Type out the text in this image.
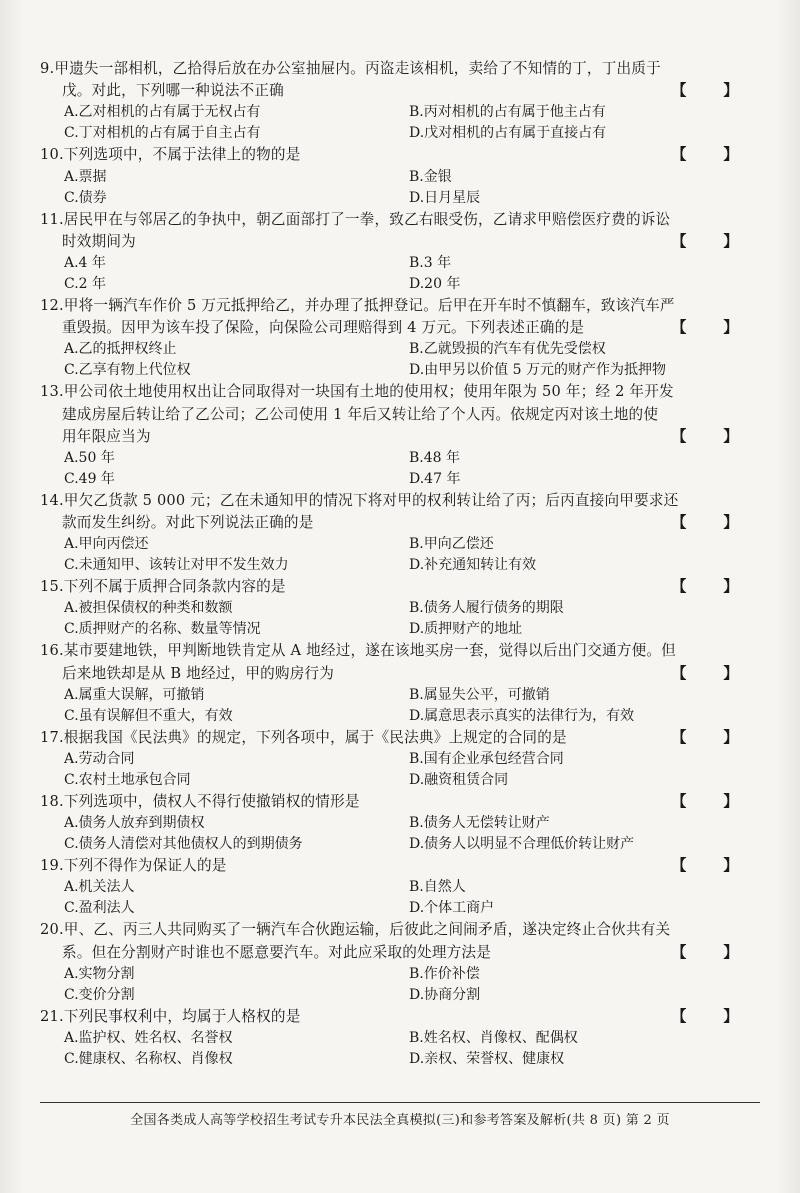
9.甲遗失一部相机，乙拾得后放在办公室抽屉内。丙盗走该相机，卖给了不知情的丁，丁出质于
戊。对此，下列哪一种说法不正确	【 】
A.乙对相机的占有属于无权占有	B.丙对相机的占有属于他主占有
C.丁对相机的占有属于自主占有	D.戊对相机的占有属于直接占有
10.下列选项中，不属于法律上的物的是	【 】
A.票据	B.金银
C.债券	D.日月星辰
11.居民甲在与邻居乙的争执中，朝乙面部打了一拳，致乙右眼受伤，乙请求甲赔偿医疗费的诉讼
时效期间为	【 】
A.4 年	B.3 年
C.2 年	D.20 年
12.甲将一辆汽车作价 5 万元抵押给乙，并办理了抵押登记。后甲在开车时不慎翻车，致该汽车严
重毁损。因甲为该车投了保险，向保险公司理赔得到 4 万元。下列表述正确的是	【 】
A.乙的抵押权终止	B.乙就毁损的汽车有优先受偿权
C.乙享有物上代位权	D.由甲另以价值 5 万元的财产作为抵押物
13.甲公司依土地使用权出让合同取得对一块国有土地的使用权；使用年限为 50 年；经 2 年开发
建成房屋后转让给了乙公司；乙公司使用 1 年后又转让给了个人丙。依规定丙对该土地的使
用年限应当为	【 】
A.50 年	B.48 年
C.49 年	D.47 年
14.甲欠乙货款 5 000 元；乙在未通知甲的情况下将对甲的权利转让给了丙；后丙直接向甲要求还
款而发生纠纷。对此下列说法正确的是	【 】
A.甲向丙偿还	B.甲向乙偿还
C.未通知甲、该转让对甲不发生效力	D.补充通知转让有效
15.下列不属于质押合同条款内容的是	【 】
A.被担保债权的种类和数额	B.债务人履行债务的期限
C.质押财产的名称、数量等情况	D.质押财产的地址
16.某市要建地铁，甲判断地铁肯定从 A 地经过，遂在该地买房一套，觉得以后出门交通方便。但
后来地铁却是从 B 地经过，甲的购房行为	【 】
A.属重大误解，可撤销	B.属显失公平，可撤销
C.虽有误解但不重大，有效	D.属意思表示真实的法律行为，有效
17.根据我国《民法典》的规定，下列各项中，属于《民法典》上规定的合同的是	【 】
A.劳动合同	B.国有企业承包经营合同
C.农村土地承包合同	D.融资租赁合同
18.下列选项中，债权人不得行使撤销权的情形是	【 】
A.债务人放弃到期债权	B.债务人无偿转让财产
C.债务人清偿对其他债权人的到期债务	D.债务人以明显不合理低价转让财产
19.下列不得作为保证人的是	【 】
A.机关法人	B.自然人
C.盈利法人	D.个体工商户
20.甲、乙、丙三人共同购买了一辆汽车合伙跑运输，后彼此之间闹矛盾，遂决定终止合伙共有关
系。但在分割财产时谁也不愿意要汽车。对此应采取的处理方法是	【 】
A.实物分割	B.作价补偿
C.变价分割	D.协商分割
21.下列民事权利中，均属于人格权的是	【 】
A.监护权、姓名权、名誉权	B.姓名权、肖像权、配偶权
C.健康权、名称权、肖像权	D.亲权、荣誉权、健康权
全国各类成人高等学校招生考试专升本民法全真模拟(三)和参考答案及解析(共 8 页) 第 2 页
